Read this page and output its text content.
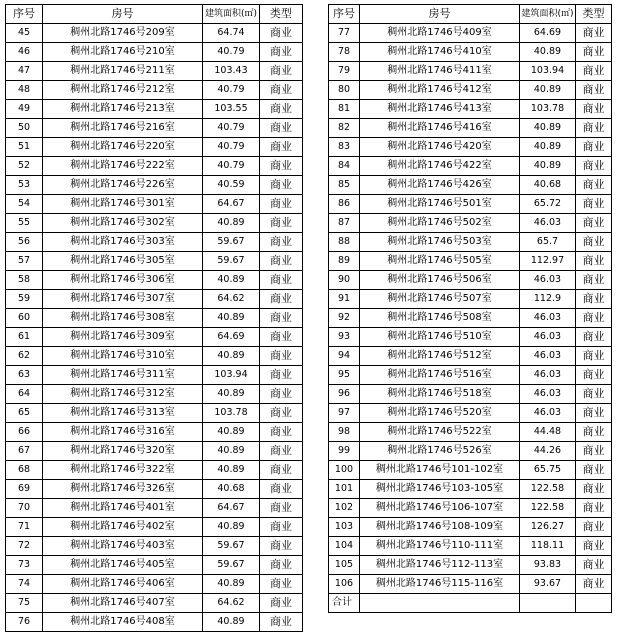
序号	房号	建筑面积(㎡)	类型
45	稠州北路1746号209室	64.74	商业
46	稠州北路1746号210室	40.79	商业
47	稠州北路1746号211室	103.43	商业
48	稠州北路1746号212室	40.79	商业
49	稠州北路1746号213室	103.55	商业
50	稠州北路1746号216室	40.79	商业
51	稠州北路1746号220室	40.79	商业
52	稠州北路1746号222室	40.79	商业
53	稠州北路1746号226室	40.59	商业
54	稠州北路1746号301室	64.67	商业
55	稠州北路1746号302室	40.89	商业
56	稠州北路1746号303室	59.67	商业
57	稠州北路1746号305室	59.67	商业
58	稠州北路1746号306室	40.89	商业
59	稠州北路1746号307室	64.62	商业
60	稠州北路1746号308室	40.89	商业
61	稠州北路1746号309室	64.69	商业
62	稠州北路1746号310室	40.89	商业
63	稠州北路1746号311室	103.94	商业
64	稠州北路1746号312室	40.89	商业
65	稠州北路1746号313室	103.78	商业
66	稠州北路1746号316室	40.89	商业
67	稠州北路1746号320室	40.89	商业
68	稠州北路1746号322室	40.89	商业
69	稠州北路1746号326室	40.68	商业
70	稠州北路1746号401室	64.67	商业
71	稠州北路1746号402室	40.89	商业
72	稠州北路1746号403室	59.67	商业
73	稠州北路1746号405室	59.67	商业
74	稠州北路1746号406室	40.89	商业
75	稠州北路1746号407室	64.62	商业
76	稠州北路1746号408室	40.89	商业
序号	房号	建筑面积(㎡)	类型
77	稠州北路1746号409室	64.69	商业
78	稠州北路1746号410室	40.89	商业
79	稠州北路1746号411室	103.94	商业
80	稠州北路1746号412室	40.89	商业
81	稠州北路1746号413室	103.78	商业
82	稠州北路1746号416室	40.89	商业
83	稠州北路1746号420室	40.89	商业
84	稠州北路1746号422室	40.89	商业
85	稠州北路1746号426室	40.68	商业
86	稠州北路1746号501室	65.72	商业
87	稠州北路1746号502室	46.03	商业
88	稠州北路1746号503室	65.7	商业
89	稠州北路1746号505室	112.97	商业
90	稠州北路1746号506室	46.03	商业
91	稠州北路1746号507室	112.9	商业
92	稠州北路1746号508室	46.03	商业
93	稠州北路1746号510室	46.03	商业
94	稠州北路1746号512室	46.03	商业
95	稠州北路1746号516室	46.03	商业
96	稠州北路1746号518室	46.03	商业
97	稠州北路1746号520室	46.03	商业
98	稠州北路1746号522室	44.48	商业
99	稠州北路1746号526室	44.26	商业
100	稠州北路1746号101-102室	65.75	商业
101	稠州北路1746号103-105室	122.58	商业
102	稠州北路1746号106-107室	122.58	商业
103	稠州北路1746号108-109室	126.27	商业
104	稠州北路1746号110-111室	118.11	商业
105	稠州北路1746号112-113室	93.83	商业
106	稠州北路1746号115-116室	93.67	商业
合计			
